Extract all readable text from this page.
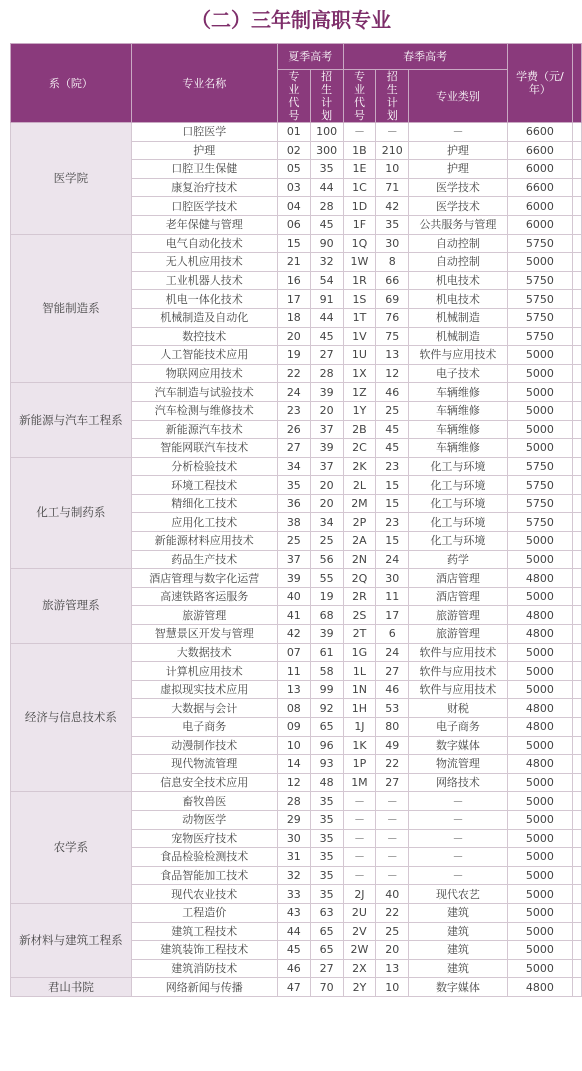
（二）三年制高职专业
系（院）	专业名称	夏季高考		春季高考			学费（元/年）	
		专业代号	招生计划	专业代号	招生计划	专业类别		
医学院	口腔医学	01	100	－	－	－	6600	
	护理	02	300	1B	210	护理	6600	
	口腔卫生保健	05	35	1E	10	护理	6000	
	康复治疗技术	03	44	1C	71	医学技术	6600	
	口腔医学技术	04	28	1D	42	医学技术	6000	
	老年保健与管理	06	45	1F	35	公共服务与管理	6000	
智能制造系	电气自动化技术	15	90	1Q	30	自动控制	5750	
	无人机应用技术	21	32	1W	8	自动控制	5000	
	工业机器人技术	16	54	1R	66	机电技术	5750	
	机电一体化技术	17	91	1S	69	机电技术	5750	
	机械制造及自动化	18	44	1T	76	机械制造	5750	
	数控技术	20	45	1V	75	机械制造	5750	
	人工智能技术应用	19	27	1U	13	软件与应用技术	5000	
	物联网应用技术	22	28	1X	12	电子技术	5000	
新能源与汽车工程系	汽车制造与试验技术	24	39	1Z	46	车辆维修	5000	
	汽车检测与维修技术	23	20	1Y	25	车辆维修	5000	
	新能源汽车技术	26	37	2B	45	车辆维修	5000	
	智能网联汽车技术	27	39	2C	45	车辆维修	5000	
化工与制药系	分析检验技术	34	37	2K	23	化工与环境	5750	
	环境工程技术	35	20	2L	15	化工与环境	5750	
	精细化工技术	36	20	2M	15	化工与环境	5750	
	应用化工技术	38	34	2P	23	化工与环境	5750	
	新能源材料应用技术	25	25	2A	15	化工与环境	5000	
	药品生产技术	37	56	2N	24	药学	5000	
旅游管理系	酒店管理与数字化运营	39	55	2Q	30	酒店管理	4800	
	高速铁路客运服务	40	19	2R	11	酒店管理	5000	
	旅游管理	41	68	2S	17	旅游管理	4800	
	智慧景区开发与管理	42	39	2T	6	旅游管理	4800	
经济与信息技术系	大数据技术	07	61	1G	24	软件与应用技术	5000	
	计算机应用技术	11	58	1L	27	软件与应用技术	5000	
	虚拟现实技术应用	13	99	1N	46	软件与应用技术	5000	
	大数据与会计	08	92	1H	53	财税	4800	
	电子商务	09	65	1J	80	电子商务	4800	
	动漫制作技术	10	96	1K	49	数字媒体	5000	
	现代物流管理	14	93	1P	22	物流管理	4800	
	信息安全技术应用	12	48	1M	27	网络技术	5000	
农学系	畜牧兽医	28	35	－	－	－	5000	
	动物医学	29	35	－	－	－	5000	
	宠物医疗技术	30	35	－	－	－	5000	
	食品检验检测技术	31	35	－	－	－	5000	
	食品智能加工技术	32	35	－	－	－	5000	
	现代农业技术	33	35	2J	40	现代农艺	5000	
新材料与建筑工程系	工程造价	43	63	2U	22	建筑	5000	
	建筑工程技术	44	65	2V	25	建筑	5000	
	建筑装饰工程技术	45	65	2W	20	建筑	5000	
	建筑消防技术	46	27	2X	13	建筑	5000	
君山书院	网络新闻与传播	47	70	2Y	10	数字媒体	4800	
